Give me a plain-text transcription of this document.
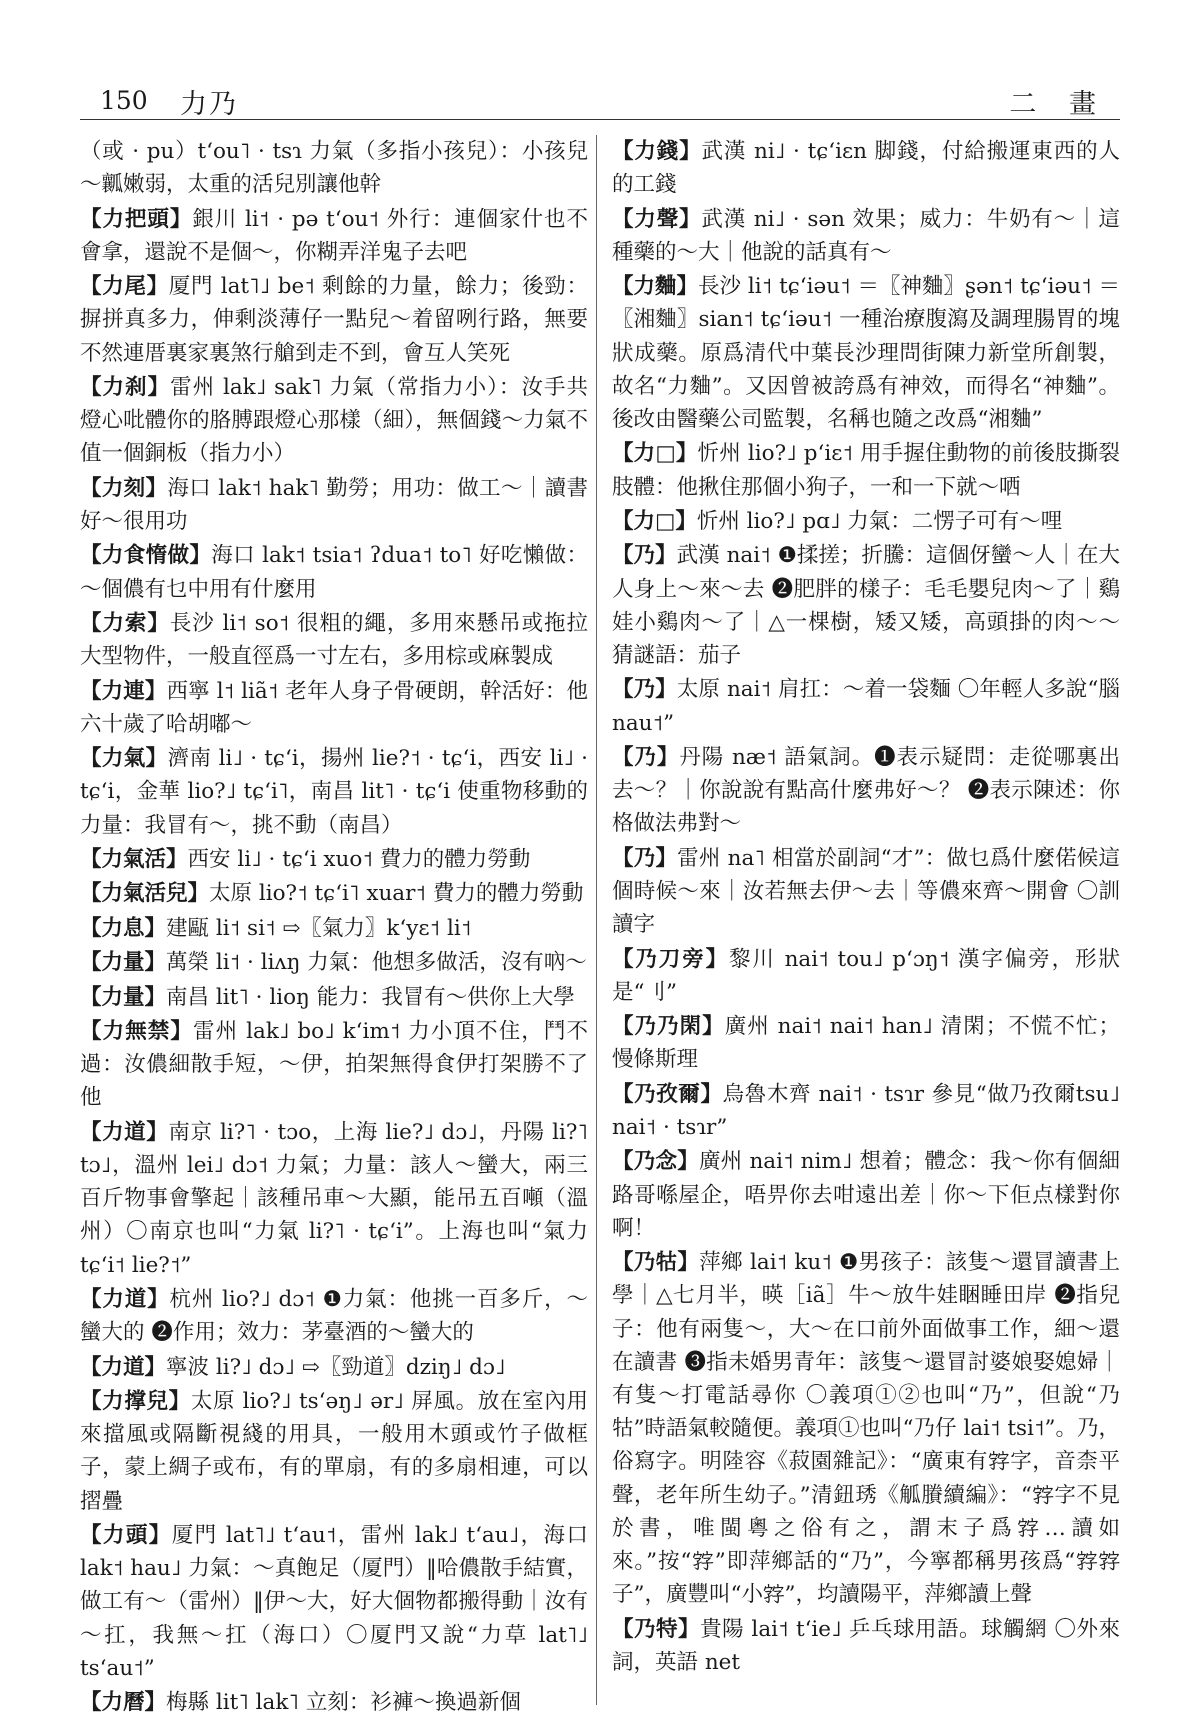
150 力乃	二 畫

（或 · pu）t‘ou˥ · tsɿ 力氣（多指小孩兒）：小孩兒～瓤嫩弱，太重的活兒別讓他幹

【力把頭】銀川 li˦ · pə t‘ou˦ 外行：連個家什也不會拿，還說不是個～，你糊弄洋鬼子去吧

【力尾】厦門 lat˥˩ be˦ 剩餘的力量，餘力；後勁：摒拼真多力，伸剩淡薄仔一點兒～着留咧行路，無要不然連厝裏家裏煞行艙到走不到，會互人笑死

【力刹】雷州 lak˩ sak˥ 力氣（常指力小）：汝手共燈心吡體你的胳膊跟燈心那樣（細），無個錢～力氣不值一個銅板（指力小）

【力刻】海口 lak˦ hak˥ 勤勞；用功：做工～｜讀書好～很用功

【力食惰做】海口 lak˦ tsia˦ ʔdua˦ to˥ 好吃懶做：～個儂有乜中用有什麼用

【力索】長沙 li˦ so˦ 很粗的繩，多用來懸吊或拖拉大型物件，一般直徑爲一寸左右，多用棕或麻製成

【力連】西寧 l˦ liã˦ 老年人身子骨硬朗，幹活好：他六十歲了哈胡嘟～

【力氣】濟南 li˩ · tɕ‘i，揚州 lie?˦ · tɕ‘i，西安 li˩ · tɕ‘i，金華 lio?˩ tɕ‘i˥，南昌 lit˥ · tɕ‘i 使重物移動的力量：我冒有～，挑不動（南昌）

【力氣活】西安 li˩ · tɕ‘i xuo˦ 費力的體力勞動

【力氣活兒】太原 lio?˦ tɕ‘i˥ xuar˦ 費力的體力勞動

【力息】建甌 li˦ si˦ ⇨〖氣力〗k‘yɛ˦ li˦

【力量】萬榮 li˦ · liʌŋ 力氣：他想多做活，沒有吶～

【力量】南昌 lit˥ · lioŋ 能力：我冒有～供你上大學

【力無禁】雷州 lak˩ bo˩ k‘im˦ 力小頂不住，鬥不過：汝儂細散手短，～伊，拍架無得食伊打架勝不了他

【力道】南京 li?˥ · tɔo，上海 lie?˩ dɔ˩，丹陽 li?˥ tɔ˩，溫州 lei˩ dɔ˦ 力氣；力量：該人～蠻大，兩三百斤物事會擎起｜該種吊車～大顯，能吊五百噸（溫州）〇南京也叫“力氣 li?˥ · tɕ‘i”。上海也叫“氣力 tɕ‘i˦ lie?˦”

【力道】杭州 lio?˩ dɔ˦ ❶力氣：他挑一百多斤，～蠻大的 ❷作用；效力：茅臺酒的～蠻大的

【力道】寧波 li?˩ dɔ˩ ⇨〖勁道〗dziŋ˩ dɔ˩

【力撑兒】太原 lio?˩ ts‘əŋ˩ ər˩ 屏風。放在室內用來擋風或隔斷視綫的用具，一般用木頭或竹子做框子，蒙上綢子或布，有的單扇，有的多扇相連，可以摺疊

【力頭】厦門 lat˥˩ t‘au˦，雷州 lak˩ t‘au˩，海口 lak˦ hau˩ 力氣：～真飽足（厦門）‖哈儂散手結實，做工有～（雷州）‖伊～大，好大個物都搬得動｜汝有～扛，我無～扛（海口）〇厦門又說“力草 lat˥˩ ts‘au˦”

【力曆】梅縣 lit˥ lak˥ 立刻：衫褲～換過新個

【力錢】武漢 ni˩ · tɕ‘iɛn 脚錢，付給搬運東西的人的工錢

【力聲】武漢 ni˩ · sən 效果；威力：牛奶有～｜這種藥的～大｜他說的話真有～

【力麯】長沙 li˦ tɕ‘iəu˦ ＝〖神麯〗ʂən˦ tɕ‘iəu˦ ＝〖湘麯〗sian˦ tɕ‘iəu˦ 一種治療腹瀉及調理腸胃的塊狀成藥。原爲清代中葉長沙理問街陳力新堂所創製，故名“力麯”。又因曾被誇爲有神效，而得名“神麯”。後改由醫藥公司監製，名稱也隨之改爲“湘麯”

【力□】忻州 lio?˩ p‘iɛ˦ 用手握住動物的前後肢撕裂肢體：他揪住那個小狗子，一和一下就～哂

【力□】忻州 lio?˩ pɑ˩ 力氣：二愣子可有～哩

【乃】武漢 nai˦ ❶揉搓；折騰：這個伢蠻～人｜在大人身上～來～去 ❷肥胖的樣子：毛毛嬰兒肉～了｜鷄娃小鷄肉～了｜△一棵樹，矮又矮，高頭掛的肉～～猜謎語：茄子

【乃】太原 nai˦ 肩扛：～着一袋麵 〇年輕人多說“腦nau˦”

【乃】丹陽 næ˦ 語氣詞。❶表示疑問：走從哪裏出去～？｜你說說有點高什麼弗好～？ ❷表示陳述：你格做法弗對～

【乃】雷州 na˥ 相當於副詞“才”：做乜爲什麼偌候這個時候～來｜汝若無去伊～去｜等儂來齊～開會 〇訓讀字

【乃刀旁】黎川 nai˦ tou˩ p‘ɔŋ˦ 漢字偏旁，形狀是“刂”

【乃乃閑】廣州 nai˦ nai˦ han˩ 清閑；不慌不忙；慢條斯理

【乃孜爾】烏魯木齊 nai˦ · tsɿr 參見“做乃孜爾tsu˩ nai˦ · tsɿr”

【乃念】廣州 nai˦ nim˩ 想着；體念：我～你有個細路哥喺屋企，唔畀你去咁遠出差｜你～下佢点樣對你啊！

【乃牯】萍鄉 lai˦ ku˦ ❶男孩子：該隻～還冒讀書上學｜△七月半，暎［iã］牛～放牛娃睏睡田岸 ❷指兒子：他有兩隻～，大～在口前外面做事工作，細～還在讀書 ❸指未婚男青年：該隻～還冒討婆娘娶媳婦｜有隻～打電話尋你 〇義項①②也叫“乃”，但說“乃牯”時語氣較隨便。義項①也叫“乃仔 lai˦ tsi˦”。乃，俗寫字。明陸容《菽園雜記》：“廣東有𡦂字，音柰平聲，老年所生幼子。”清鈕琇《觚賸續編》：“𡦂字不見於書，唯閩粵之俗有之，謂末子爲𡦂…讀如來。”按“𡦂”即萍鄉話的“乃”，今寧都稱男孩爲“𡦂𡦂子”，廣豐叫“小𡦂”，均讀陽平，萍鄉讀上聲

【乃特】貴陽 lai˦ t‘ie˩ 乒乓球用語。球觸網 〇外來詞，英語 net
